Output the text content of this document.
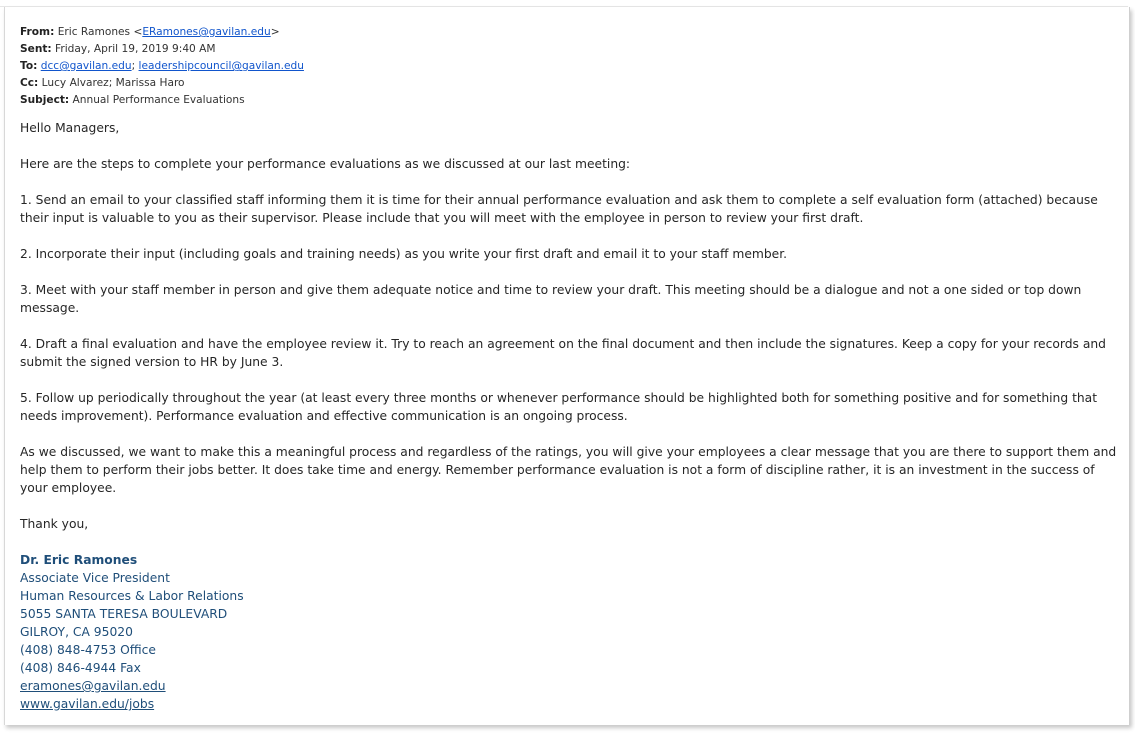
From: Eric Ramones <ERamones@gavilan.edu>
Sent: Friday, April 19, 2019 9:40 AM
To: dcc@gavilan.edu; leadershipcouncil@gavilan.edu
Cc: Lucy Alvarez; Marissa Haro
Subject: Annual Performance Evaluations

Hello Managers,

Here are the steps to complete your performance evaluations as we discussed at our last meeting:

1. Send an email to your classified staff informing them it is time for their annual performance evaluation and ask them to complete a self evaluation form (attached) because their input is valuable to you as their supervisor. Please include that you will meet with the employee in person to review your first draft.

2. Incorporate their input (including goals and training needs) as you write your first draft and email it to your staff member.

3. Meet with your staff member in person and give them adequate notice and time to review your draft. This meeting should be a dialogue and not a one sided or top down message.

4. Draft a final evaluation and have the employee review it. Try to reach an agreement on the final document and then include the signatures. Keep a copy for your records and submit the signed version to HR by June 3.

5. Follow up periodically throughout the year (at least every three months or whenever performance should be highlighted both for something positive and for something that needs improvement). Performance evaluation and effective communication is an ongoing process.

As we discussed, we want to make this a meaningful process and regardless of the ratings, you will give your employees a clear message that you are there to support them and help them to perform their jobs better. It does take time and energy. Remember performance evaluation is not a form of discipline rather, it is an investment in the success of your employee.

Thank you,

Dr. Eric Ramones
Associate Vice President
Human Resources & Labor Relations
5055 SANTA TERESA BOULEVARD
GILROY, CA 95020
(408) 848-4753 Office
(408) 846-4944 Fax
eramones@gavilan.edu
www.gavilan.edu/jobs
